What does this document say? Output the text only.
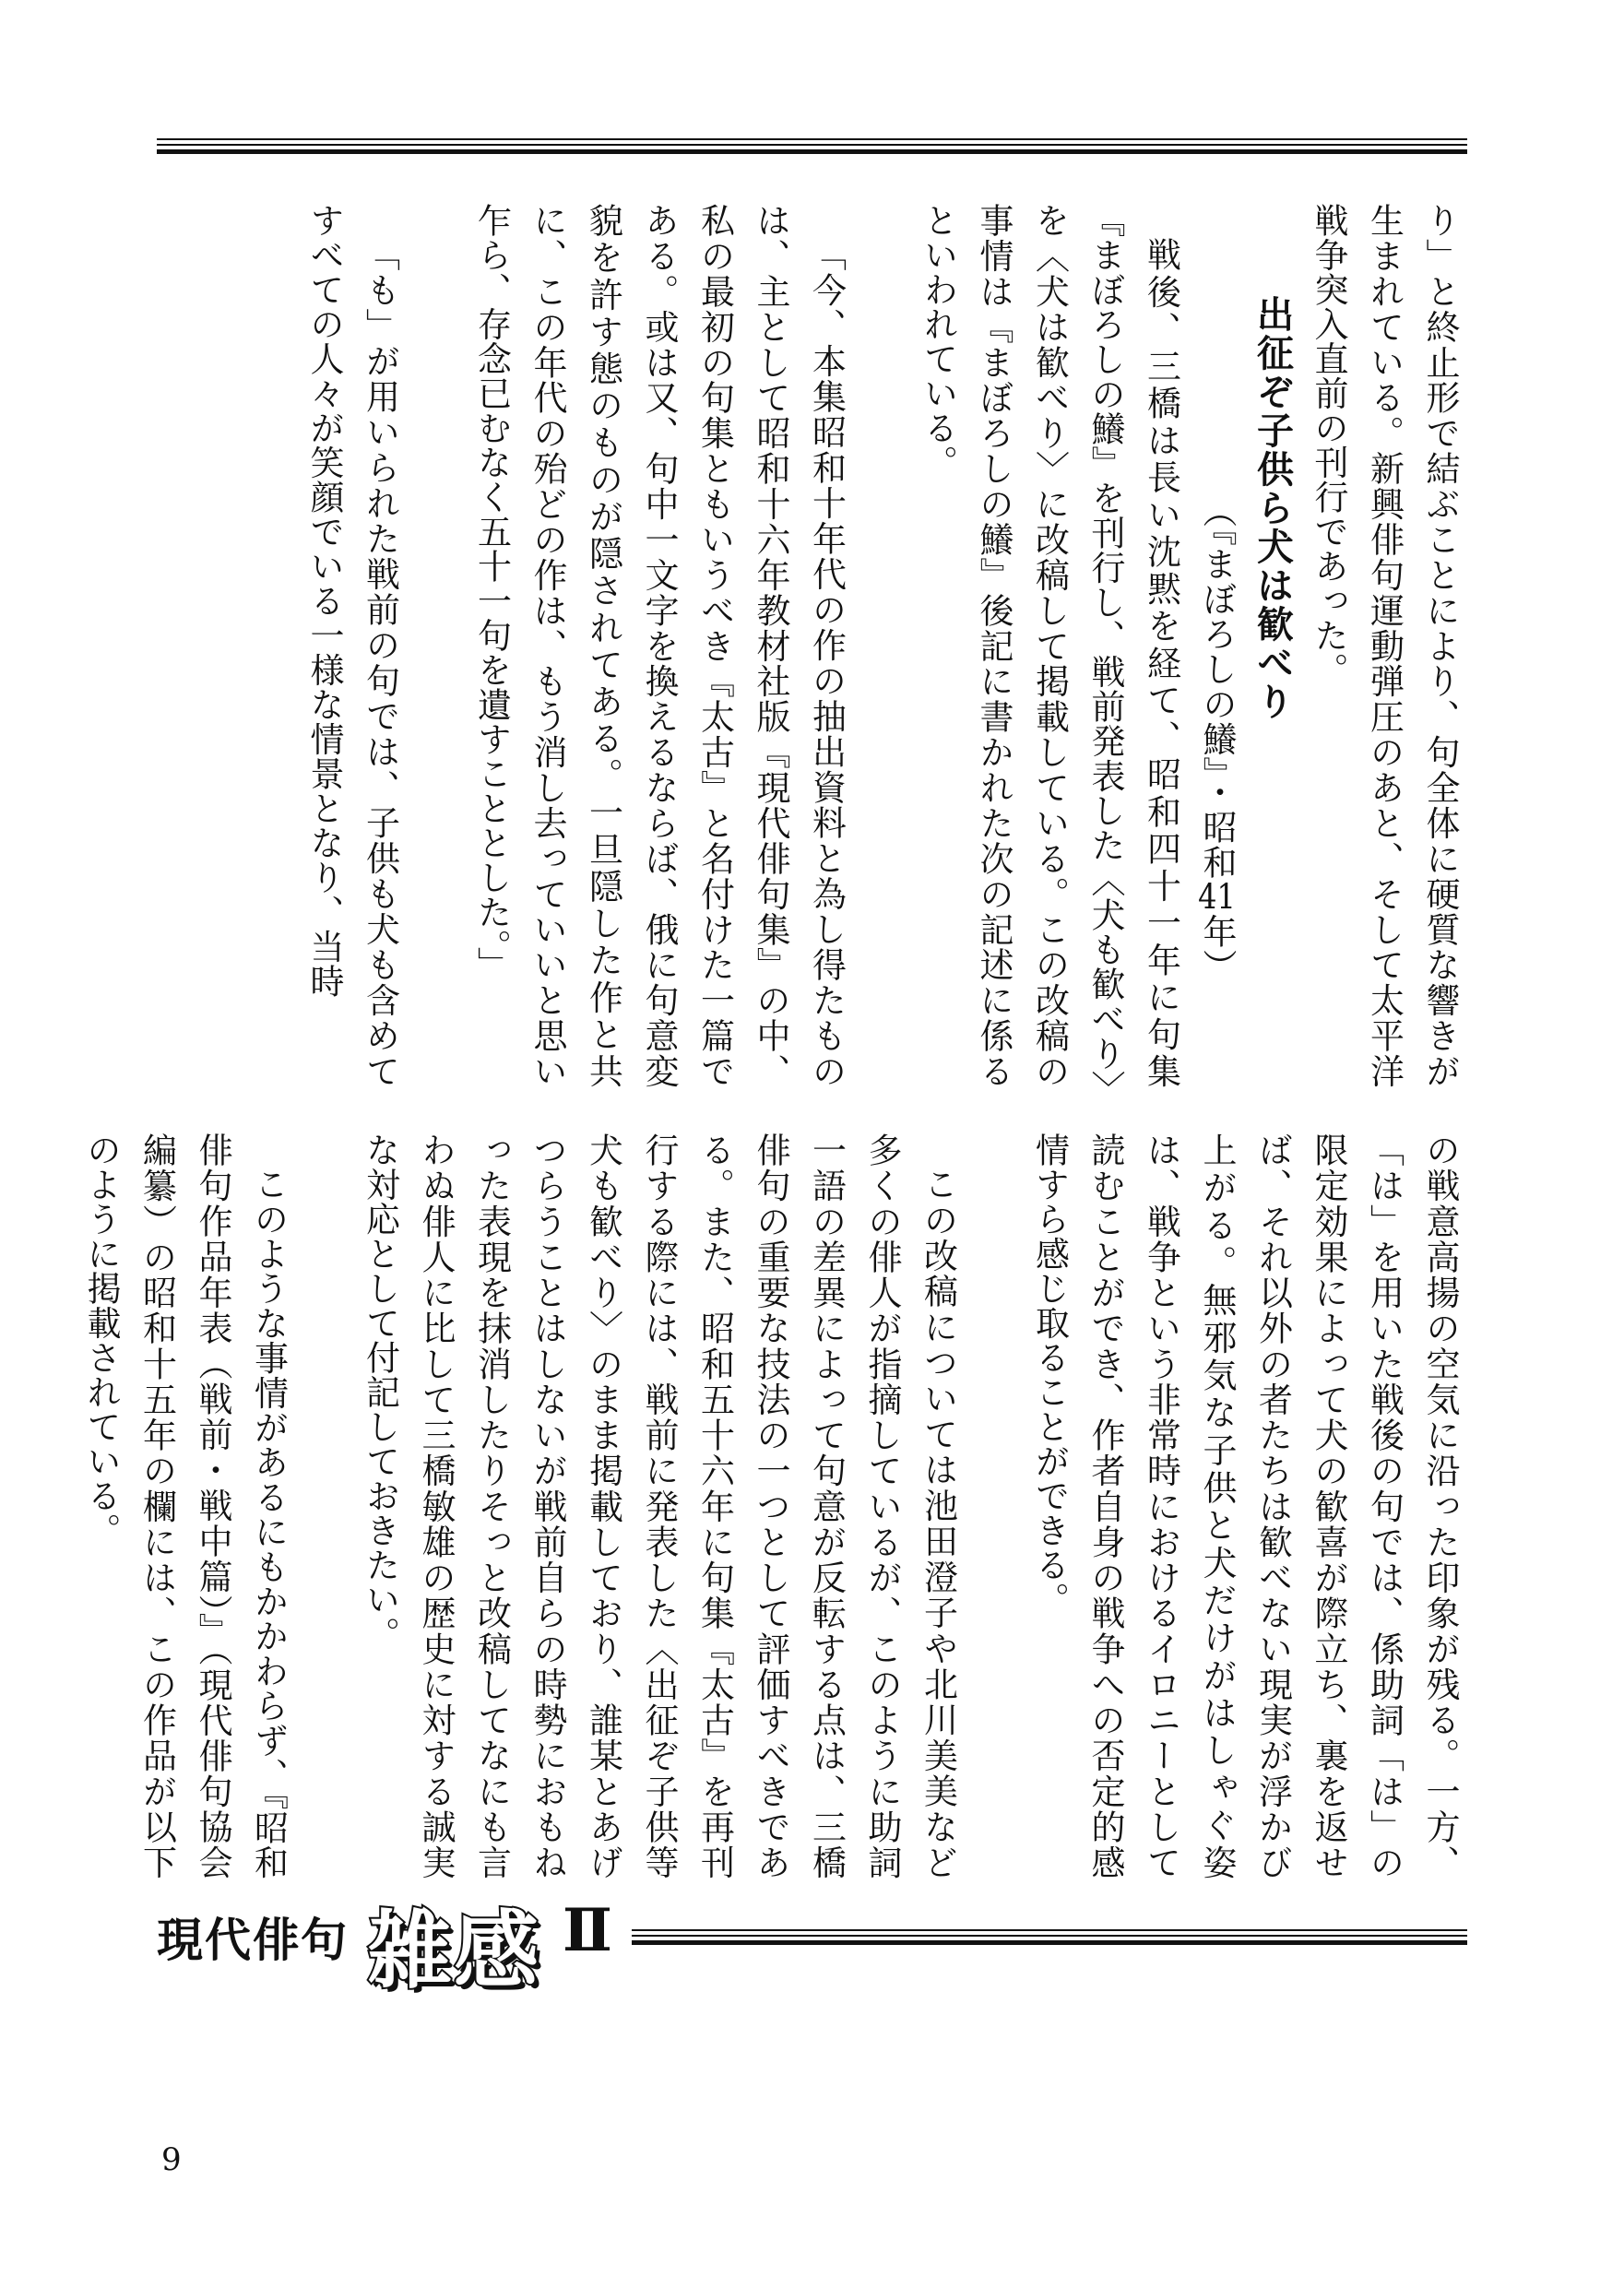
り」と終止形で結ぶことにより、句全体に硬質な響きが生まれている。新興俳句運動弾圧のあと、そして太平洋戦争突入直前の刊行であった。

出征ぞ子供ら犬は歓べり

（『まぼろしの鱶』・昭和41年）

戦後、三橋は長い沈黙を経て、昭和四十一年に句集『まぼろしの鱶』を刊行し、戦前発表した〈犬も歓べり〉を〈犬は歓べり〉に改稿して掲載している。この改稿の事情は『まぼろしの鱶』後記に書かれた次の記述に係るといわれている。

「今、本集昭和十年代の作の抽出資料と為し得たものは、主として昭和十六年教材社版『現代俳句集』の中、私の最初の句集ともいうべき『太古』と名付けた一篇である。或は又、句中一文字を換えるならば、俄に句意変貌を許す態のものが隠されてある。一旦隠した作と共に、この年代の殆どの作は、もう消し去っていいと思い乍ら、存念已むなく五十一句を遺すこととした。」

「も」が用いられた戦前の句では、子供も犬も含めてすべての人々が笑顔でいる一様な情景となり、当時

の戦意高揚の空気に沿った印象が残る。一方、「は」を用いた戦後の句では、係助詞「は」の限定効果によって犬の歓喜が際立ち、裏を返せば、それ以外の者たちは歓べない現実が浮かび上がる。無邪気な子供と犬だけがはしゃぐ姿は、戦争という非常時におけるイロニーとして読むことができ、作者自身の戦争への否定的感情すら感じ取ることができる。

この改稿については池田澄子や北川美美など多くの俳人が指摘しているが、このように助詞一語の差異によって句意が反転する点は、三橋俳句の重要な技法の一つとして評価すべきである。また、昭和五十六年に句集『太古』を再刊行する際には、戦前に発表した〈出征ぞ子供等犬も歓べり〉のまま掲載しており、誰某とあげつらうことはしないが戦前自らの時勢におもねった表現を抹消したりそっと改稿してなにも言わぬ俳人に比して三橋敏雄の歴史に対する誠実な対応として付記しておきたい。

このような事情があるにもかかわらず、『昭和俳句作品年表（戦前・戦中篇）』（現代俳句協会編纂）の昭和十五年の欄には、この作品が以下のように掲載されている。

現代俳句 雑感 Ⅱ
9
